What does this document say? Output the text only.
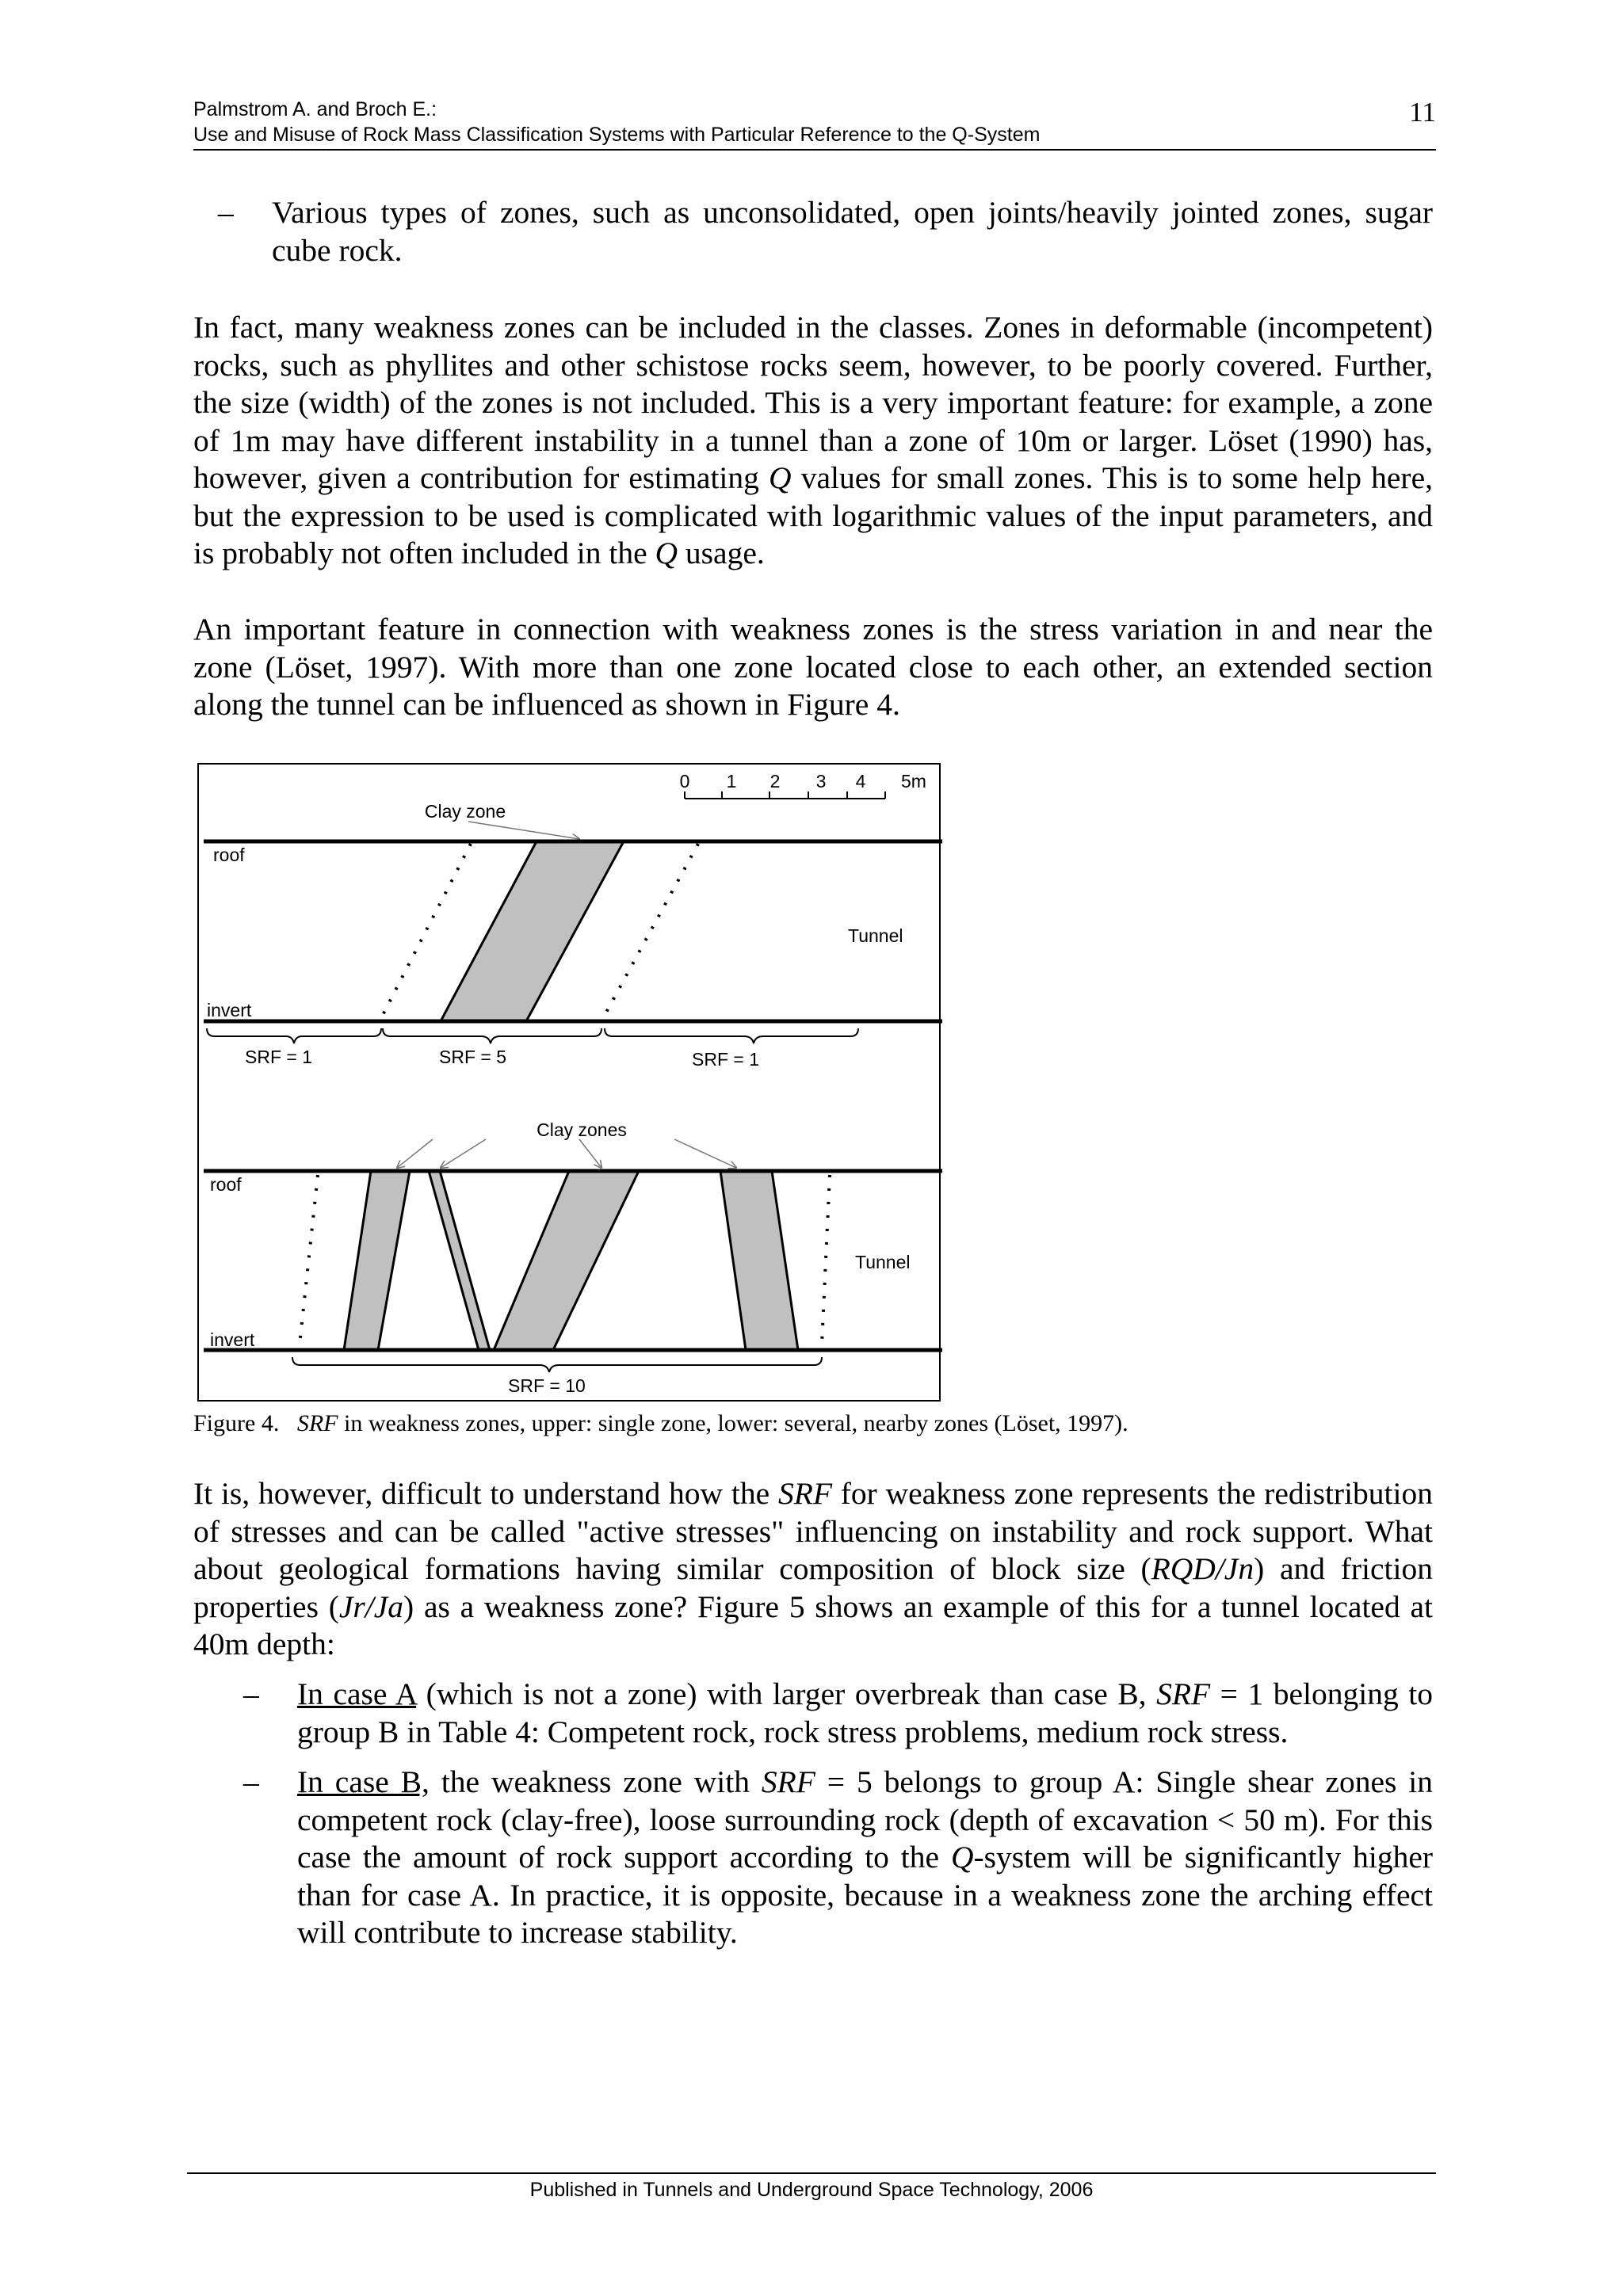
Palmstrom A. and Broch E.:
Use and Misuse of Rock Mass Classification Systems with Particular Reference to the Q-System
11
– Various types of zones, such as unconsolidated, open joints/heavily jointed zones, sugar cube rock.
In fact, many weakness zones can be included in the classes. Zones in deformable (incompetent) rocks, such as phyllites and other schistose rocks seem, however, to be poorly covered. Further, the size (width) of the zones is not included. This is a very important feature: for example, a zone of 1m may have different instability in a tunnel than a zone of 10m or larger. Löset (1990) has, however, given a contribution for estimating Q values for small zones. This is to some help here, but the expression to be used is complicated with logarithmic values of the input parameters, and is probably not often included in the Q usage.
An important feature in connection with weakness zones is the stress variation in and near the zone (Löset, 1997). With more than one zone located close to each other, an extended section along the tunnel can be influenced as shown in Figure 4.
0 1 2 3 4 5m
Clay zone
roof
invert
Tunnel
SRF = 1	SRF = 5	SRF = 1
Clay zones
roof
invert
Tunnel
SRF = 10
Figure 4. SRF in weakness zones, upper: single zone, lower: several, nearby zones (Löset, 1997).
It is, however, difficult to understand how the SRF for weakness zone represents the redistribution of stresses and can be called "active stresses" influencing on instability and rock support. What about geological formations having similar composition of block size (RQD/Jn) and friction properties (Jr/Ja) as a weakness zone? Figure 5 shows an example of this for a tunnel located at 40m depth:
– In case A (which is not a zone) with larger overbreak than case B, SRF = 1 belonging to group B in Table 4: Competent rock, rock stress problems, medium rock stress.
– In case B, the weakness zone with SRF = 5 belongs to group A: Single shear zones in competent rock (clay-free), loose surrounding rock (depth of excavation < 50 m). For this case the amount of rock support according to the Q-system will be significantly higher than for case A. In practice, it is opposite, because in a weakness zone the arching effect will contribute to increase stability.
Published in Tunnels and Underground Space Technology, 2006
